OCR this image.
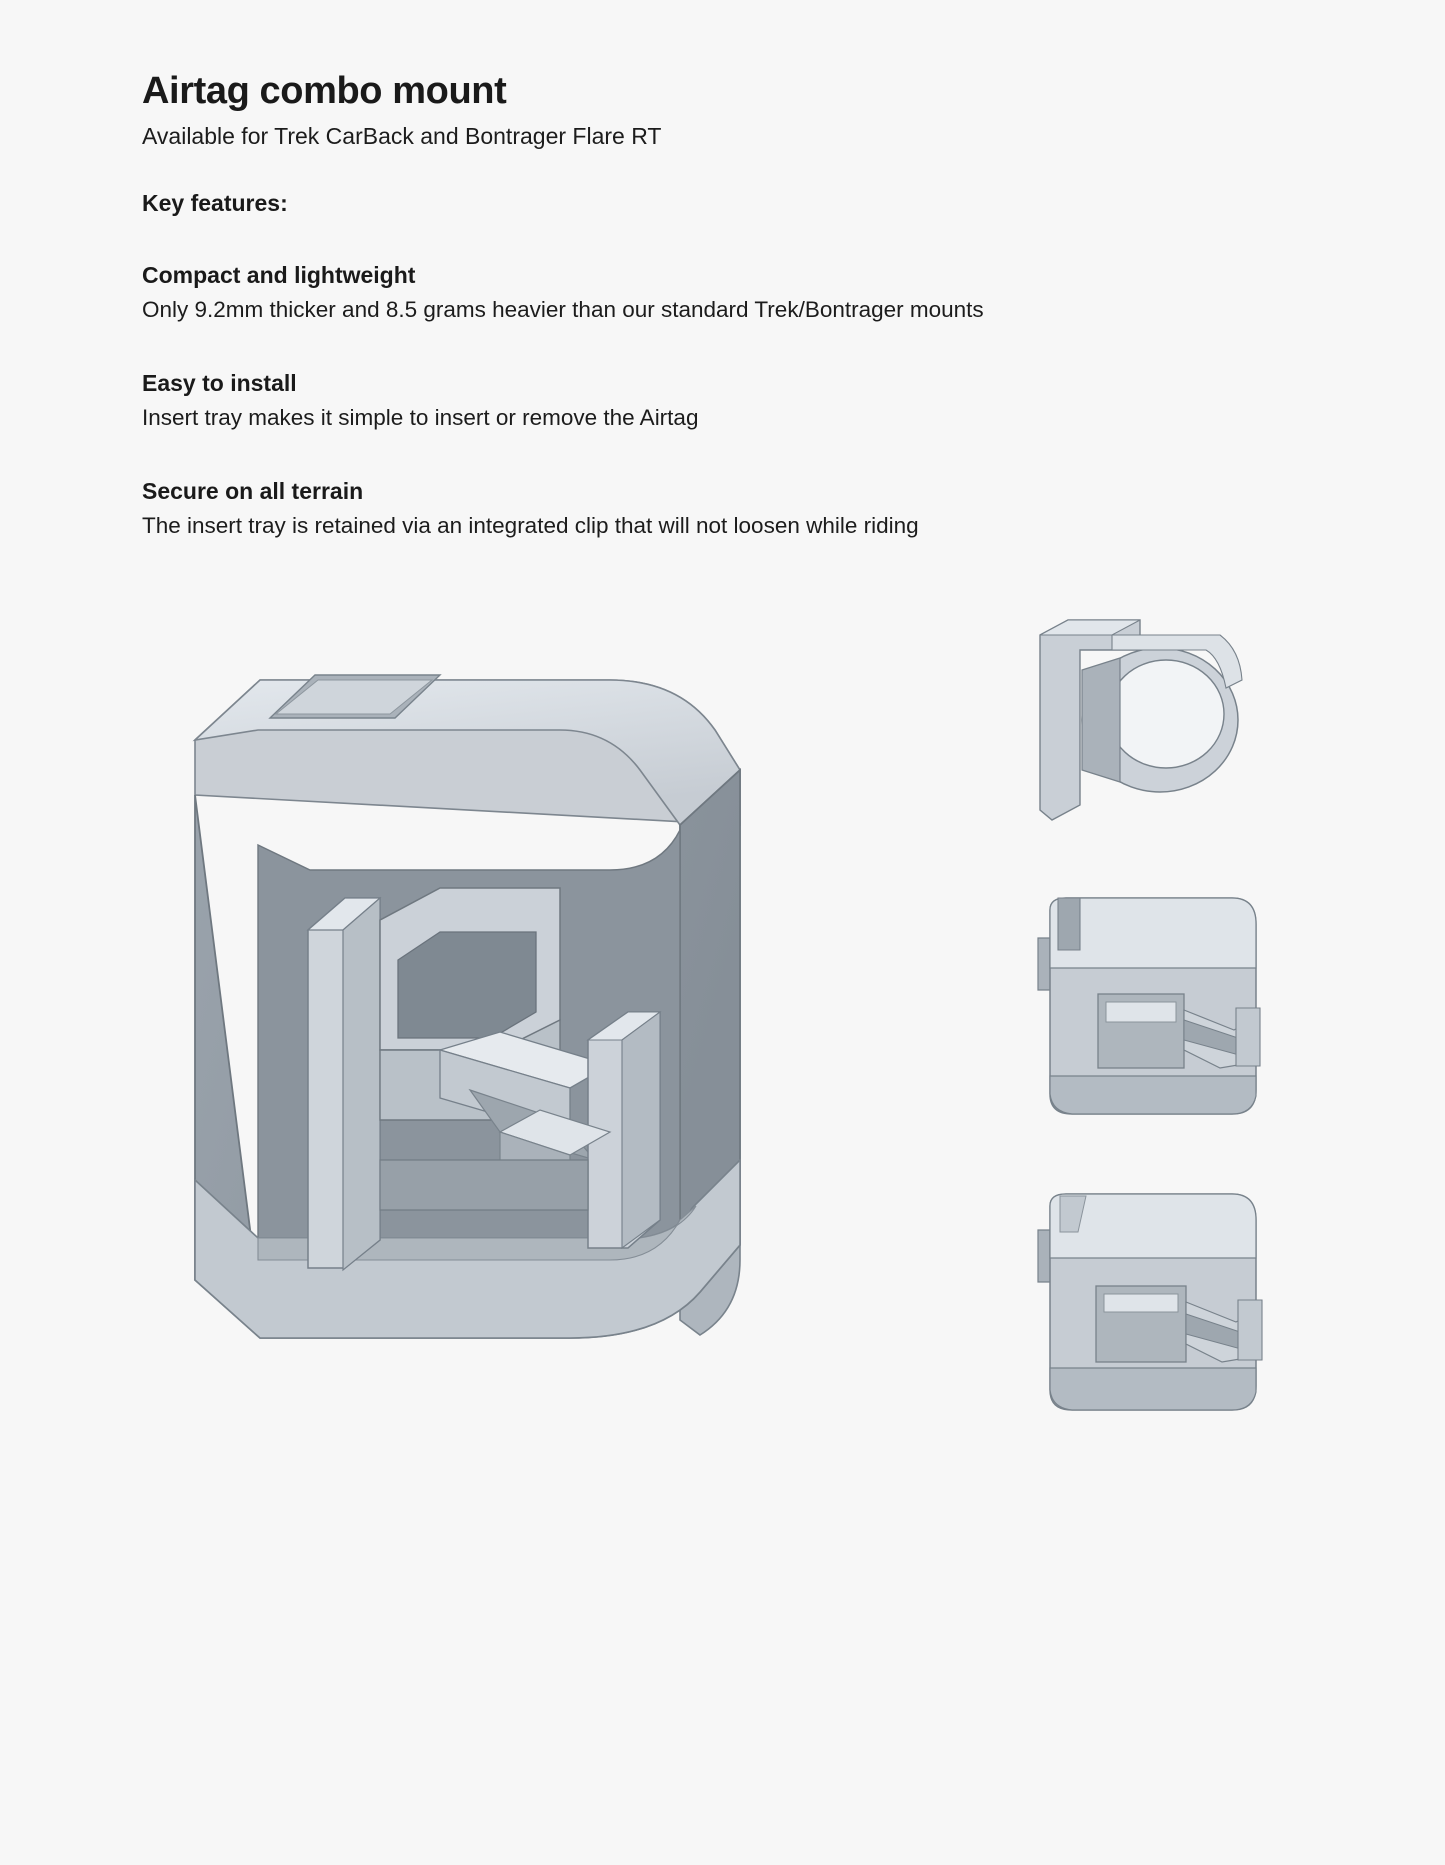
Airtag combo mount

Available for Trek CarBack and Bontrager Flare RT

Key features:
Compact and lightweight

Only 9.2mm thicker and 8.5 grams heavier than our standard Trek/Bontrager mounts

Easy to install

Insert tray makes it simple to insert or remove the Airtag

Secure on all terrain

The insert tray is retained via an integrated clip that will not loosen while riding
